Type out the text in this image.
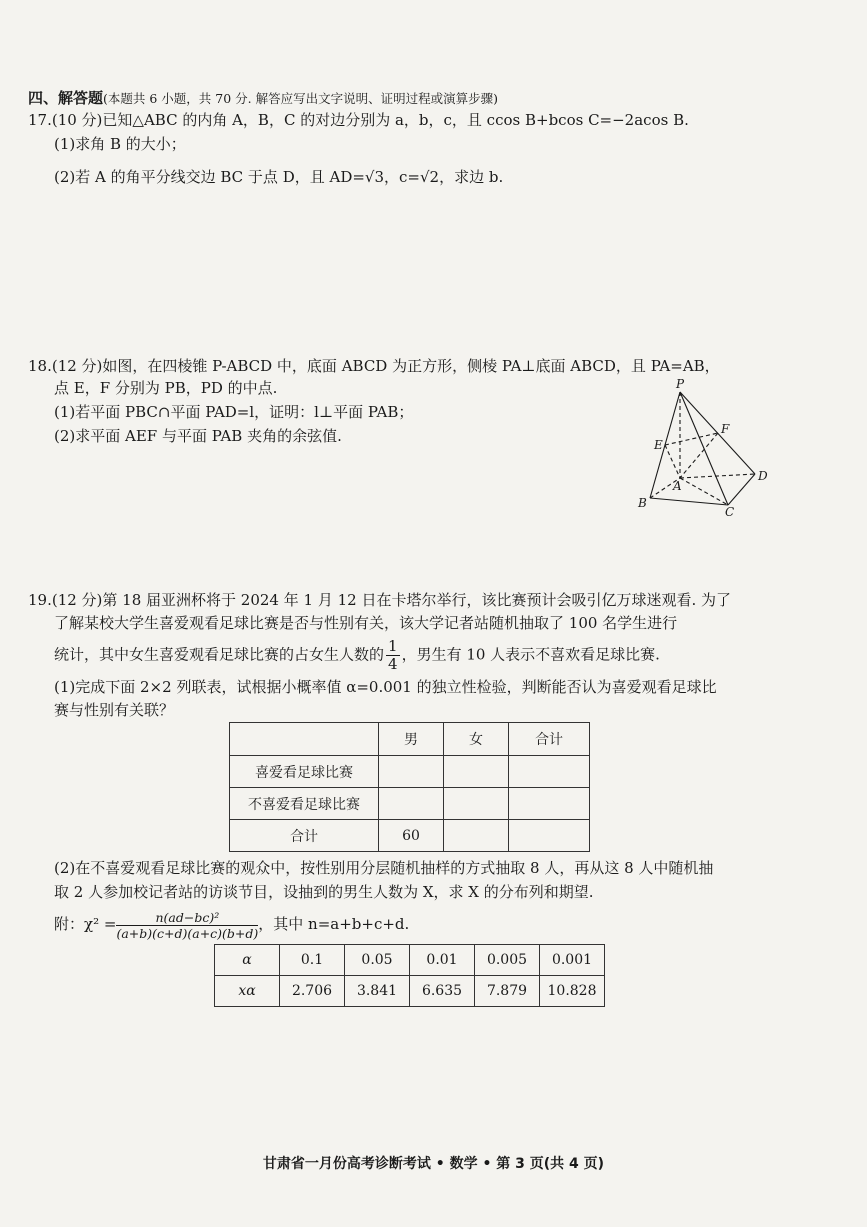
四、解答题(本题共 6 小题，共 70 分. 解答应写出文字说明、证明过程或演算步骤)
17.(10 分)已知△ABC 的内角 A，B，C 的对边分别为 a，b，c，且 ccos B+bcos C=−2acos B.
(1)求角 B 的大小；
(2)若 A 的角平分线交边 BC 于点 D，且 AD=√3，c=√2，求边 b.
18.(12 分)如图，在四棱锥 P-ABCD 中，底面 ABCD 为正方形，侧棱 PA⊥底面 ABCD，且 PA=AB，
点 E，F 分别为 PB，PD 的中点.
(1)若平面 PBC∩平面 PAD=l，证明：l⊥平面 PAB；
(2)求平面 AEF 与平面 PAB 夹角的余弦值.
P
E
F
A
B
C
D
19.(12 分)第 18 届亚洲杯将于 2024 年 1 月 12 日在卡塔尔举行，该比赛预计会吸引亿万球迷观看. 为了
了解某校大学生喜爱观看足球比赛是否与性别有关，该大学记者站随机抽取了 100 名学生进行
统计，其中女生喜爱观看足球比赛的占女生人数的 $\frac{1}{4}$ ，男生有 10 人表示不喜欢看足球比赛.
(1)完成下面 2×2 列联表，试根据小概率值 α=0.001 的独立性检验，判断能否认为喜爱观看足球比
赛与性别有关联？
	男	女	合计
喜爱看足球比赛			
不喜爱看足球比赛			
合计	60		
(2)在不喜爱观看足球比赛的观众中，按性别用分层随机抽样的方式抽取 8 人，再从这 8 人中随机抽
取 2 人参加校记者站的访谈节目，设抽到的男生人数为 X，求 X 的分布列和期望.
附：$\chi^2 = \frac{\text{n(ad−bc)²}}{(a+b)(c+d)(a+c)(b+d)}$ ，其中 n=a+b+c+d.
α	0.1	0.05	0.01	0.005	0.001
xα	2.706	3.841	6.635	7.879	10.828
甘肃省一月份高考诊断考试 • 数学 • 第 3 页(共 4 页)
